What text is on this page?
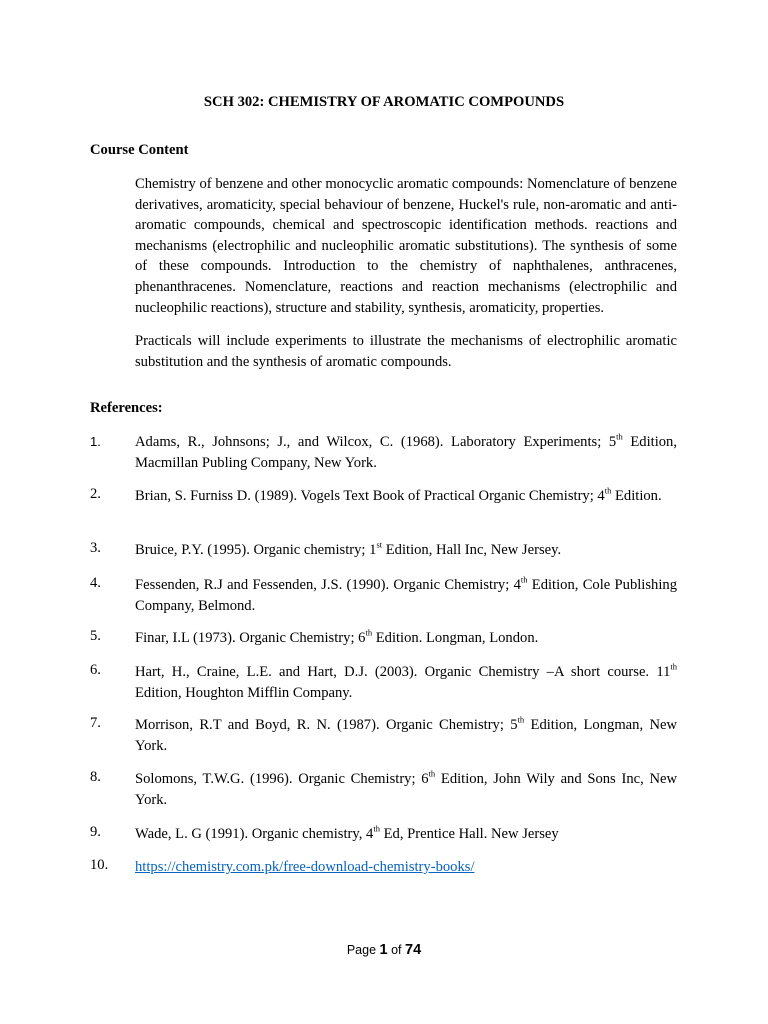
SCH 302: CHEMISTRY OF AROMATIC COMPOUNDS
Course Content
Chemistry of benzene and other monocyclic aromatic compounds: Nomenclature of benzene derivatives, aromaticity, special behaviour of benzene, Huckel's rule, non-aromatic and anti-aromatic compounds, chemical and spectroscopic identification methods. reactions and mechanisms (electrophilic and nucleophilic aromatic substitutions). The synthesis of some of these compounds. Introduction to the chemistry of naphthalenes, anthracenes, phenanthracenes. Nomenclature, reactions and reaction mechanisms (electrophilic and nucleophilic reactions), structure and stability, synthesis, aromaticity, properties.
Practicals will include experiments to illustrate the mechanisms of electrophilic aromatic substitution and the synthesis of aromatic compounds.
References:
1. Adams, R., Johnsons; J., and Wilcox, C. (1968). Laboratory Experiments; 5th Edition, Macmillan Publing Company, New York.
2. Brian, S. Furniss D. (1989). Vogels Text Book of Practical Organic Chemistry; 4th Edition.
3. Bruice, P.Y. (1995). Organic chemistry; 1st Edition, Hall Inc, New Jersey.
4. Fessenden, R.J and Fessenden, J.S. (1990). Organic Chemistry; 4th Edition, Cole Publishing Company, Belmond.
5. Finar, I.L (1973). Organic Chemistry; 6th Edition. Longman, London.
6. Hart, H., Craine, L.E. and Hart, D.J. (2003). Organic Chemistry –A short course. 11th Edition, Houghton Mifflin Company.
7. Morrison, R.T and Boyd, R. N. (1987). Organic Chemistry; 5th Edition, Longman, New York.
8. Solomons, T.W.G. (1996). Organic Chemistry; 6th Edition, John Wily and Sons Inc, New York.
9. Wade, L. G (1991). Organic chemistry, 4th Ed, Prentice Hall. New Jersey
10. https://chemistry.com.pk/free-download-chemistry-books/
Page 1 of 74
